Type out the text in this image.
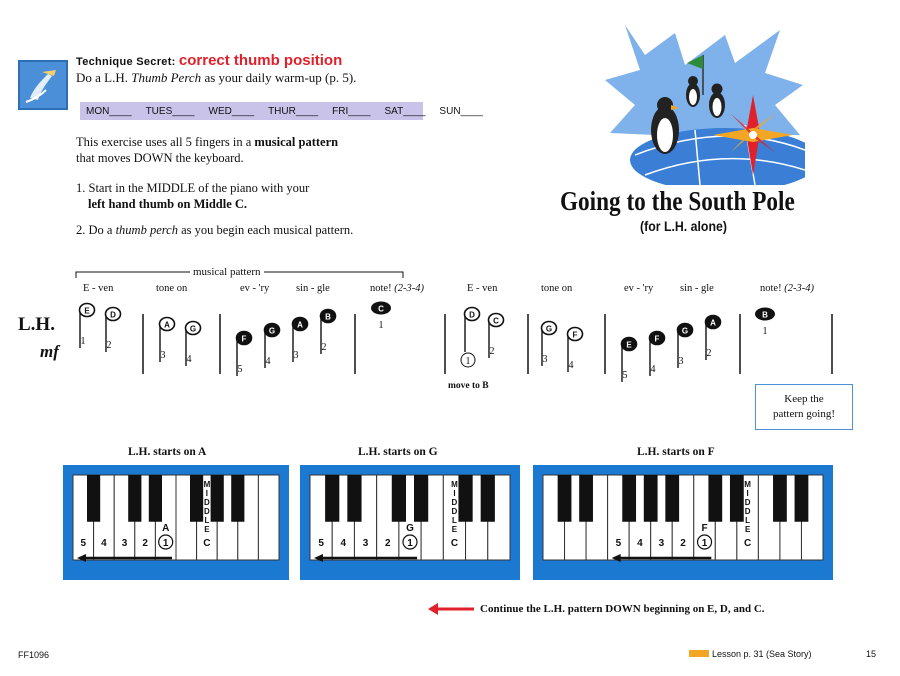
Technique Secret: correct thumb position
Do a L.H. Thumb Perch as your daily warm-up (p. 5).
MON____ TUES____ WED____ THUR____ FRI____ SAT____ SUN____
This exercise uses all 5 fingers in a musical pattern
that moves DOWN the keyboard.
1. Start in the MIDDLE of the piano with your
left hand thumb on Middle C.
2. Do a thumb perch as you begin each musical pattern.
Going to the South Pole
(for L.H. alone)
L.H.
mf
E
1
D
2
A
3
G
4
F
5
G
4
A
3
B
2
C
1
D
1
C
2
G
3
F
4
E
5
F
4
G
3
A
2
B
1
musical pattern
E - ven	tone on	ev - 'ry	sin - gle	note! (2-3-4)	E - ven	tone on	ev - 'ry	sin - gle	note! (2-3-4)
move to B
Keep the
pattern going!
L.H. starts on A	L.H. starts on G	L.H. starts on F
5 4 3 2 1
A
M
I
D
D
L
E
C	5 4 3 2 1
G
M
I
D
D
L
E
C	5 4 3 2 1
F
M
I
D
D
L
E
C
Continue the L.H. pattern DOWN beginning on E, D, and C.
FF1096	Lesson p. 31 (Sea Story)	15
